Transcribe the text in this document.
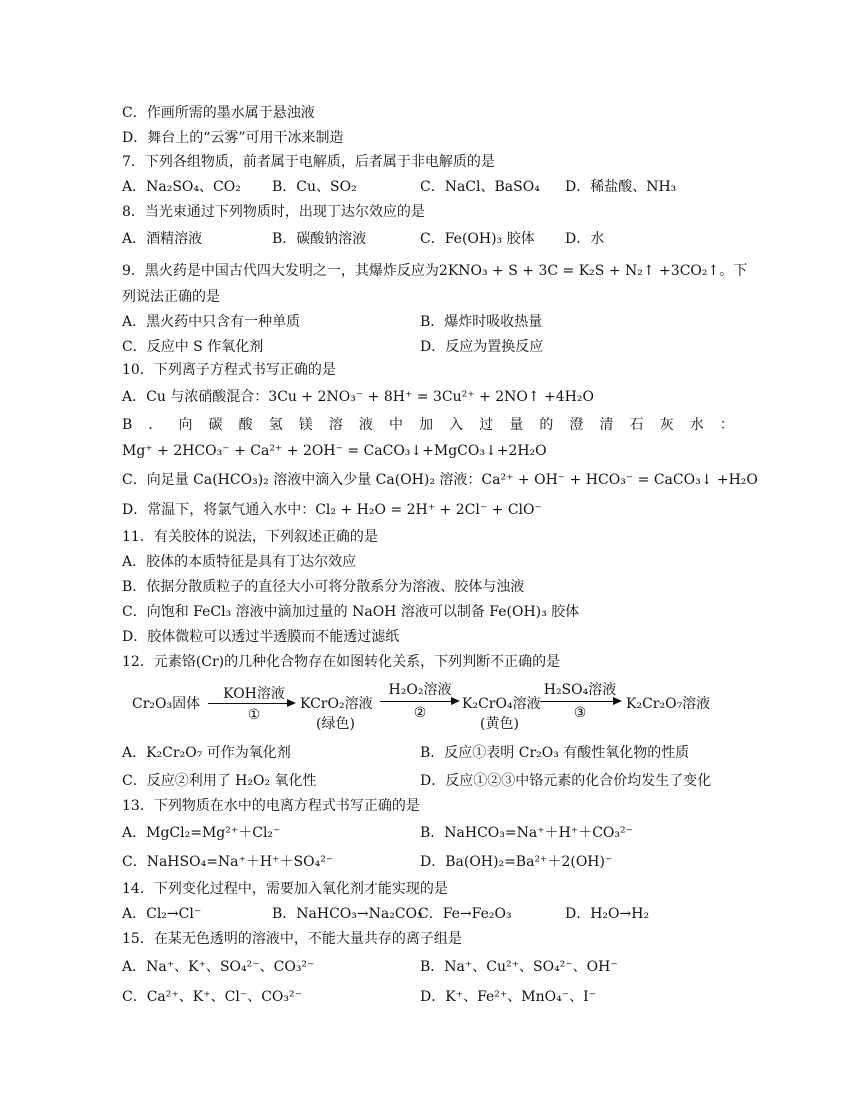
C．作画所需的墨水属于悬浊液
D．舞台上的“云雾”可用干冰来制造
7．下列各组物质，前者属于电解质，后者属于非电解质的是
A．Na₂SO₄、CO₂ B．Cu、SO₂	C．NaCl、BaSO₄ D．稀盐酸、NH₃
8．当光束通过下列物质时，出现丁达尔效应的是
A．酒精溶液	B．碳酸钠溶液	C．Fe(OH)₃ 胶体 D．水
9．黑火药是中国古代四大发明之一，其爆炸反应为2KNO₃ + S + 3C = K₂S + N₂↑ +3CO₂↑。下
列说法正确的是
A．黑火药中只含有一种单质	B．爆炸时吸收热量
C．反应中 S 作氧化剂	D．反应为置换反应
10．下列离子方程式书写正确的是
A．Cu 与浓硝酸混合：3Cu + 2NO₃⁻ + 8H⁺ = 3Cu²⁺ + 2NO↑ +4H₂O
B ． 向 碳 酸 氢 镁 溶 液 中 加 入 过 量 的 澄 清 石 灰 水 ：
Mg⁺ + 2HCO₃⁻ + Ca²⁺ + 2OH⁻ = CaCO₃↓+MgCO₃↓+2H₂O
C．向足量 Ca(HCO₃)₂ 溶液中滴入少量 Ca(OH)₂ 溶液：Ca²⁺ + OH⁻ + HCO₃⁻ = CaCO₃↓ +H₂O
D．常温下，将氯气通入水中：Cl₂ + H₂O = 2H⁺ + 2Cl⁻ + ClO⁻
11．有关胶体的说法，下列叙述正确的是
A．胶体的本质特征是具有丁达尔效应
B．依据分散质粒子的直径大小可将分散系分为溶液、胶体与浊液
C．向饱和 FeCl₃ 溶液中滴加过量的 NaOH 溶液可以制备 Fe(OH)₃ 胶体
D．胶体微粒可以透过半透膜而不能透过滤纸
12．元素铬(Cr)的几种化合物存在如图转化关系，下列判断不正确的是
Cr₂O₃固体
KOH溶液
①
KCrO₂溶液
(绿色)
H₂O₂溶液
②
K₂CrO₄溶液
(黄色)
H₂SO₄溶液
③
K₂Cr₂O₇溶液
A．K₂Cr₂O₇ 可作为氧化剂	B．反应①表明 Cr₂O₃ 有酸性氧化物的性质
C．反应②利用了 H₂O₂ 氧化性	D．反应①②③中铬元素的化合价均发生了变化
13．下列物质在水中的电离方程式书写正确的是
A．MgCl₂=Mg²⁺＋Cl₂⁻	B．NaHCO₃=Na⁺＋H⁺＋CO₃²⁻
C．NaHSO₄=Na⁺＋H⁺＋SO₄²⁻	D．Ba(OH)₂=Ba²⁺＋2(OH)⁻
14．下列变化过程中，需要加入氧化剂才能实现的是
A．Cl₂→Cl⁻	B．NaHCO₃→Na₂CO₃
C．Fe→Fe₂O₃	D．H₂O→H₂
15．在某无色透明的溶液中，不能大量共存的离子组是
A．Na⁺、K⁺、SO₄²⁻、CO₃²⁻	B．Na⁺、Cu²⁺、SO₄²⁻、OH⁻
C．Ca²⁺、K⁺、Cl⁻、CO₃²⁻	D．K⁺、Fe²⁺、MnO₄⁻、I⁻
